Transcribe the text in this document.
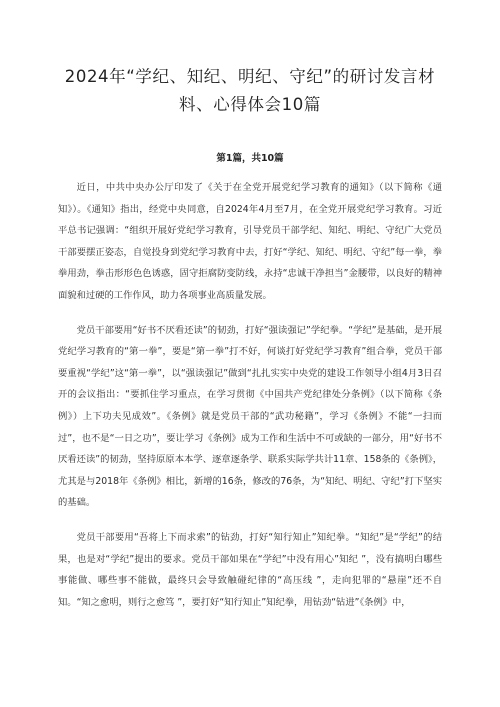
2024年“学纪、知纪、明纪、守纪”的研讨发言材料、心得体会10篇

第1篇，共10篇

近日，中共中央办公厅印发了《关于在全党开展党纪学习教育的通知》（以下简称《通知》）。《通知》指出，经党中央同意，自2024年4月至7月，在全党开展党纪学习教育。习近平总书记强调：“组织开展好党纪学习教育，引导党员干部学纪、知纪、明纪、守纪广大党员干部要摆正姿态，自觉投身到党纪学习教育中去，打好“学纪、知纪、明纪、守纪”每一拳，拳拳用劲，拳击形形色色诱惑，固守拒腐防变防线，永持“忠诚干净担当”金腰带，以良好的精神面貌和过硬的工作作风，助力各项事业高质量发展。

党员干部要用“好书不厌看还读”的韧劲，打好“强读强记”学纪拳。“学纪”是基础，是开展党纪学习教育的“第一拳”，要是“第一拳”打不好，何谈打好党纪学习教育”组合拳，党员干部要重视“学纪”这“第一拳”，以“强读强记”做到“扎扎实实中央党的建设工作领导小组4月3日召开的会议指出：“要抓住学习重点，在学习贯彻《中国共产党纪律处分条例》（以下简称《条例》）上下功夫见成效”。《条例》就是党员干部的“武功秘籍”，学习《条例》不能“一扫而过”，也不是“一日之功”，要让学习《条例》成为工作和生活中不可或缺的一部分，用“好书不厌看还读”的韧劲，坚持原原本本学、逐章逐条学、联系实际学共计11章、158条的《条例》，尤其是与2018年《条例》相比，新增的16条，修改的76条，为“知纪、明纪、守纪”打下坚实的基础。

党员干部要用“吾将上下而求索”的钻劲，打好“知行知止”知纪拳。“知纪”是“学纪”的结果，也是对“学纪”提出的要求。党员干部如果在“学纪”中没有用心”知纪 ”，没有搞明白哪些事能做、哪些事不能做，最终只会导致触碰纪律的“高压线 ”，走向犯罪的“悬崖”还不自知。“知之愈明，则行之愈笃 ”，要打好“知行知止”知纪拳，用钻劲“钻进”《条例》中，
